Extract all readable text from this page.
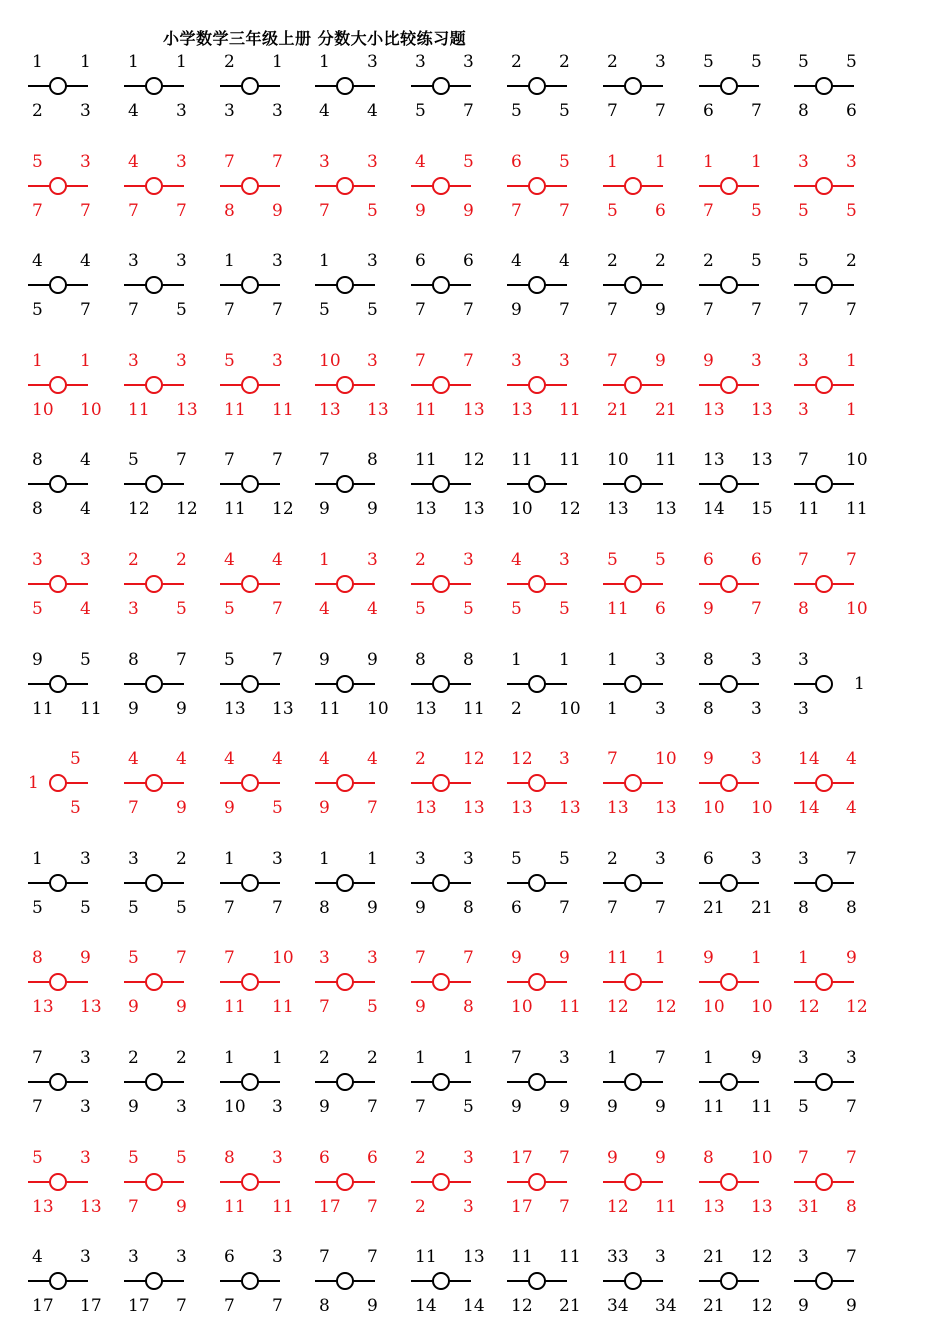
小学数学三年级上册 分数大小比较练习题
1
2
1
3
1
4
1
3
2
3
1
3
1
4
3
4
3
5
3
7
2
5
2
5
2
7
3
7
5
6
5
7
5
8
5
6
5
7
3
7
4
7
3
7
7
8
7
9
3
7
3
5
4
9
5
9
6
7
5
7
1
5
1
6
1
7
1
5
3
5
3
5
4
5
4
7
3
7
3
5
1
7
3
7
1
5
3
5
6
7
6
7
4
9
4
7
2
7
2
9
2
7
5
7
5
7
2
7
1
10
1
10
3
11
3
13
5
11
3
11
10
13
3
13
7
11
7
13
3
13
3
11
7
21
9
21
9
13
3
13
3
3
1
1
8
8
4
4
5
12
7
12
7
11
7
12
7
9
8
9
11
13
12
13
11
10
11
12
10
13
11
13
13
14
13
15
7
11
10
11
3
5
3
4
2
3
2
5
4
5
4
7
1
4
3
4
2
5
3
5
4
5
3
5
5
11
5
6
6
9
6
7
7
8
7
10
9
11
5
11
8
9
7
9
5
13
7
13
9
11
9
10
8
13
8
11
1
2
1
10
1
1
3
3
8
8
3
3
3
3
1
1
5
5
4
7
4
9
4
9
4
5
4
9
4
7
2
13
12
13
12
13
3
13
7
13
10
13
9
10
3
10
14
14
4
4
1
5
3
5
3
5
2
5
1
7
3
7
1
8
1
9
3
9
3
8
5
6
5
7
2
7
3
7
6
21
3
21
3
8
7
8
8
13
9
13
5
9
7
9
7
11
10
11
3
7
3
5
7
9
7
8
9
10
9
11
11
12
1
12
9
10
1
10
1
12
9
12
7
7
3
3
2
9
2
3
1
10
1
3
2
9
2
7
1
7
1
5
7
9
3
9
1
9
7
9
1
11
9
11
3
5
3
7
5
13
3
13
5
7
5
9
8
11
3
11
6
17
6
7
2
2
3
3
17
17
7
7
9
12
9
11
8
13
10
13
7
31
7
8
4
17
3
17
3
17
3
7
6
7
3
7
7
8
7
9
11
14
13
14
11
12
11
21
33
34
3
34
21
21
12
12
3
9
7
9
